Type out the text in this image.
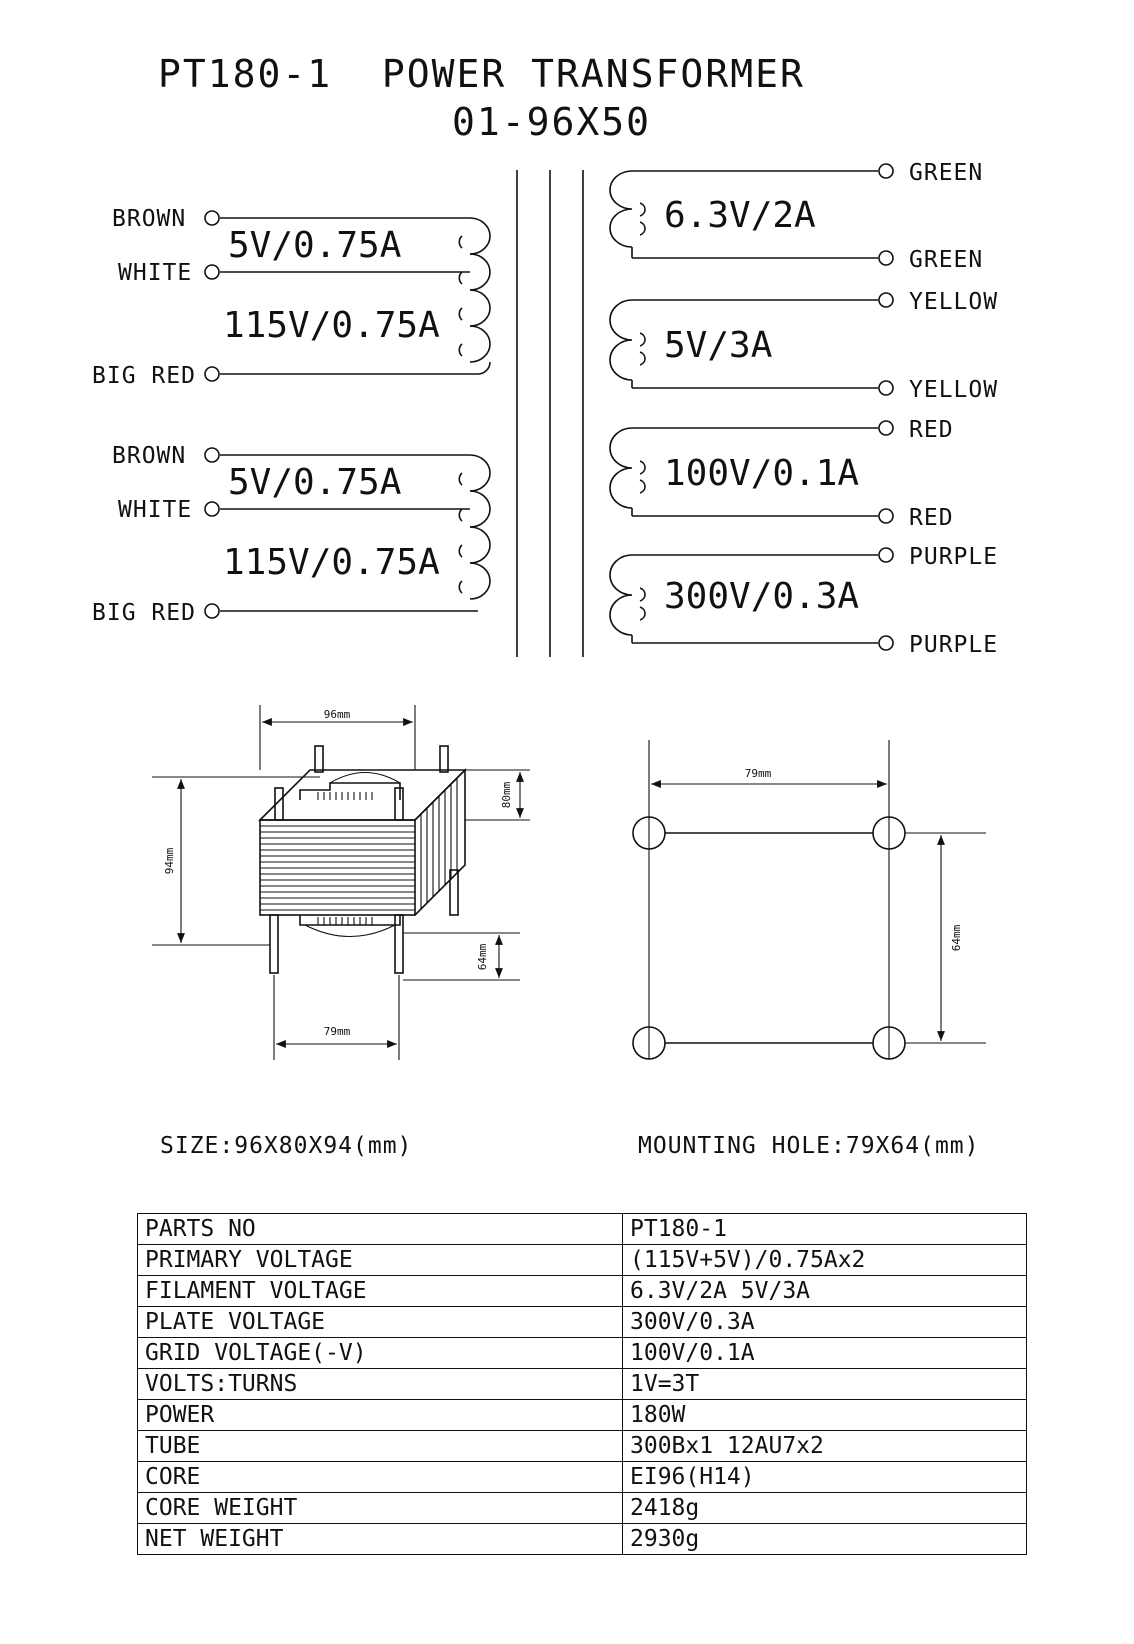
PT180-1  POWER TRANSFORMER
01-96X50
BROWN
WHITE
BIG RED
5V/0.75A
115V/0.75A
BROWN
WHITE
BIG RED
5V/0.75A
115V/0.75A
GREEN
GREEN
6.3V/2A
YELLOW
YELLOW
5V/3A
RED
RED
100V/0.1A
PURPLE
PURPLE
300V/0.3A
96mm
80mm
94mm
64mm
79mm
79mm
64mm
SIZE:96X80X94(mm)	MOUNTING HOLE:79X64(mm)
PARTS NO	PT180-1
PRIMARY VOLTAGE	(115V+5V)/0.75Ax2
FILAMENT VOLTAGE	6.3V/2A 5V/3A
PLATE VOLTAGE	300V/0.3A
GRID VOLTAGE(-V)	100V/0.1A
VOLTS:TURNS	1V=3T
POWER	180W
TUBE	300Bx1 12AU7x2
CORE	EI96(H14)
CORE WEIGHT	2418g
NET WEIGHT	2930g
